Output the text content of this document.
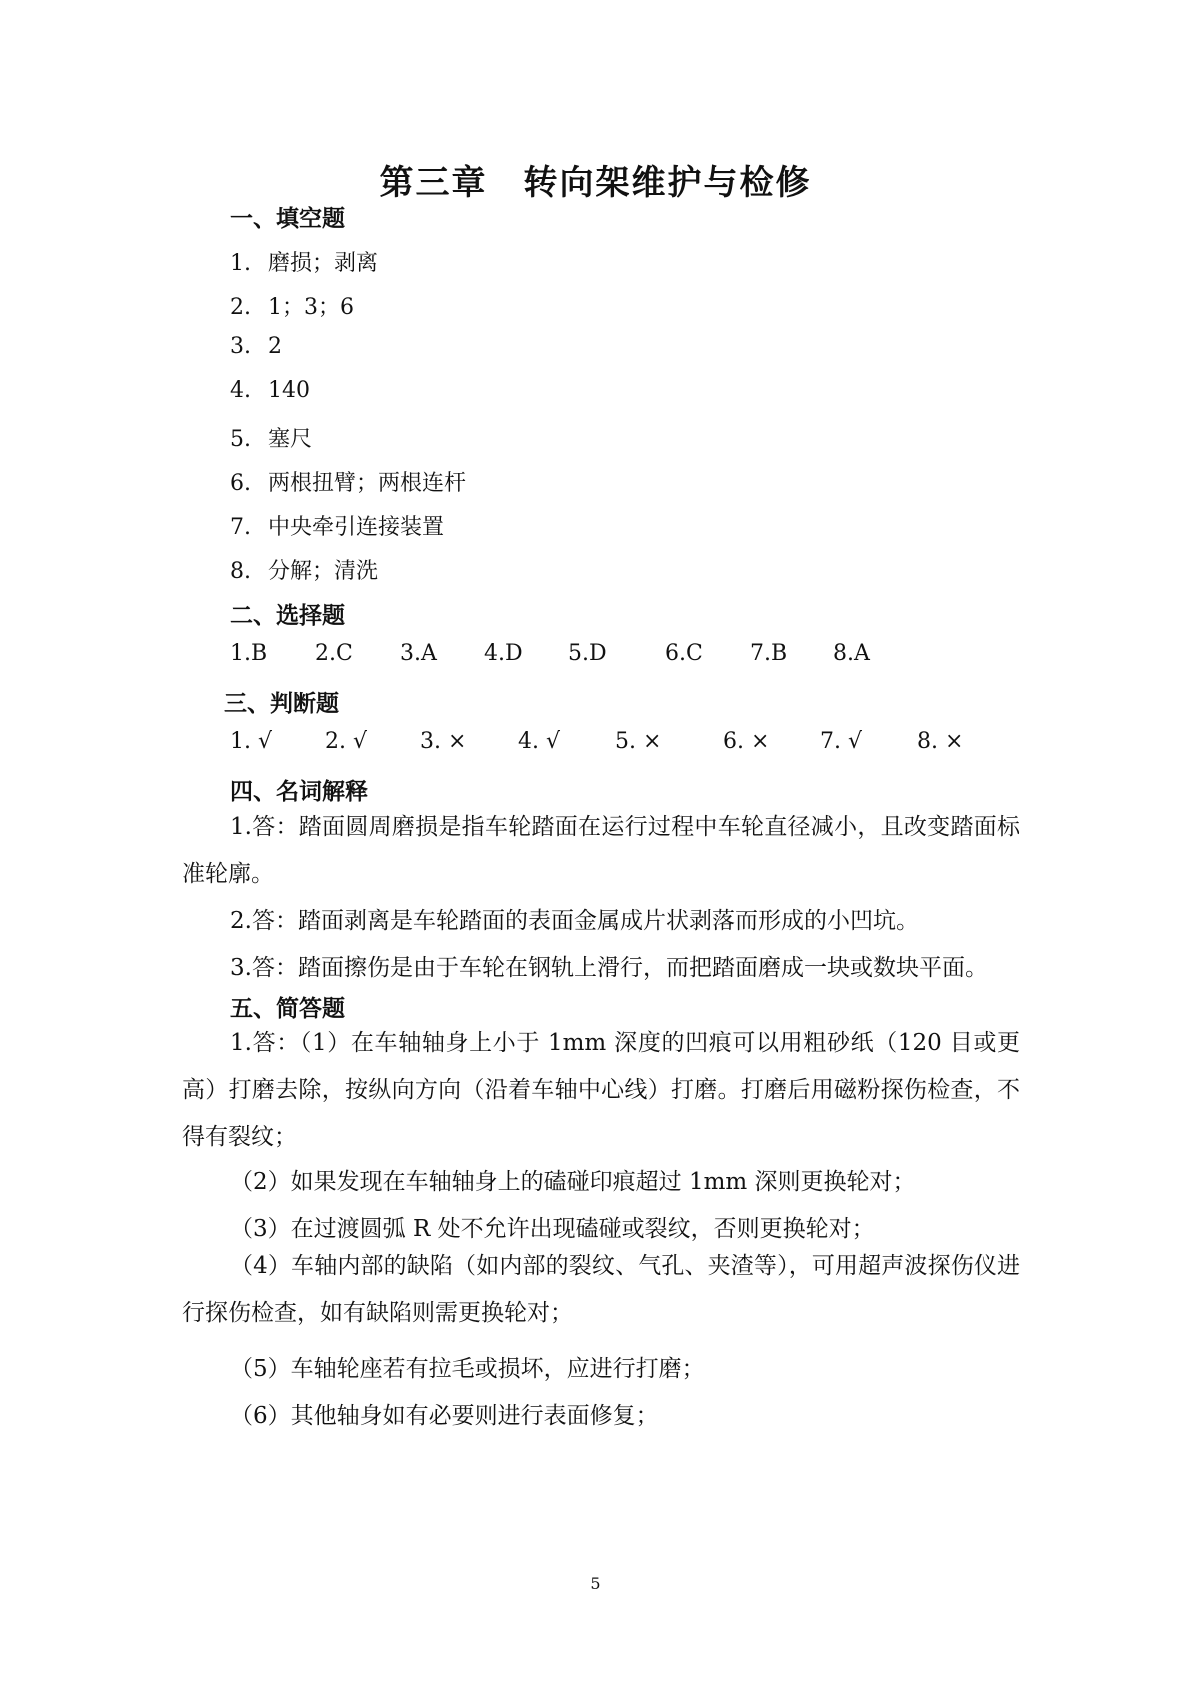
第三章　转向架维护与检修
一、填空题
1. 磨损；剥离
2. 1；3；6
3. 2
4. 140
5. 塞尺
6. 两根扭臂；两根连杆
7. 中央牵引连接装置
8. 分解；清洗
二、选择题
1.B 2.C 3.A 4.D 5.D	6.C 7.B 8.A
三、判断题
1. √ 2. √ 3. × 4. √ 5. ×	6. × 7. √ 8. ×
四、名词解释
1.答：踏面圆周磨损是指车轮踏面在运行过程中车轮直径减小，且改变踏面标准轮廓。
2.答：踏面剥离是车轮踏面的表面金属成片状剥落而形成的小凹坑。
3.答：踏面擦伤是由于车轮在钢轨上滑行，而把踏面磨成一块或数块平面。
五、简答题
1.答：（1）在车轴轴身上小于 1mm 深度的凹痕可以用粗砂纸（120 目或更高）打磨去除，按纵向方向（沿着车轴中心线）打磨。打磨后用磁粉探伤检查，不得有裂纹；
（2）如果发现在车轴轴身上的磕碰印痕超过 1mm 深则更换轮对；
（3）在过渡圆弧 R 处不允许出现磕碰或裂纹，否则更换轮对；
（4）车轴内部的缺陷（如内部的裂纹、气孔、夹渣等），可用超声波探伤仪进行探伤检查，如有缺陷则需更换轮对；
（5）车轴轮座若有拉毛或损坏，应进行打磨；
（6）其他轴身如有必要则进行表面修复；
5
